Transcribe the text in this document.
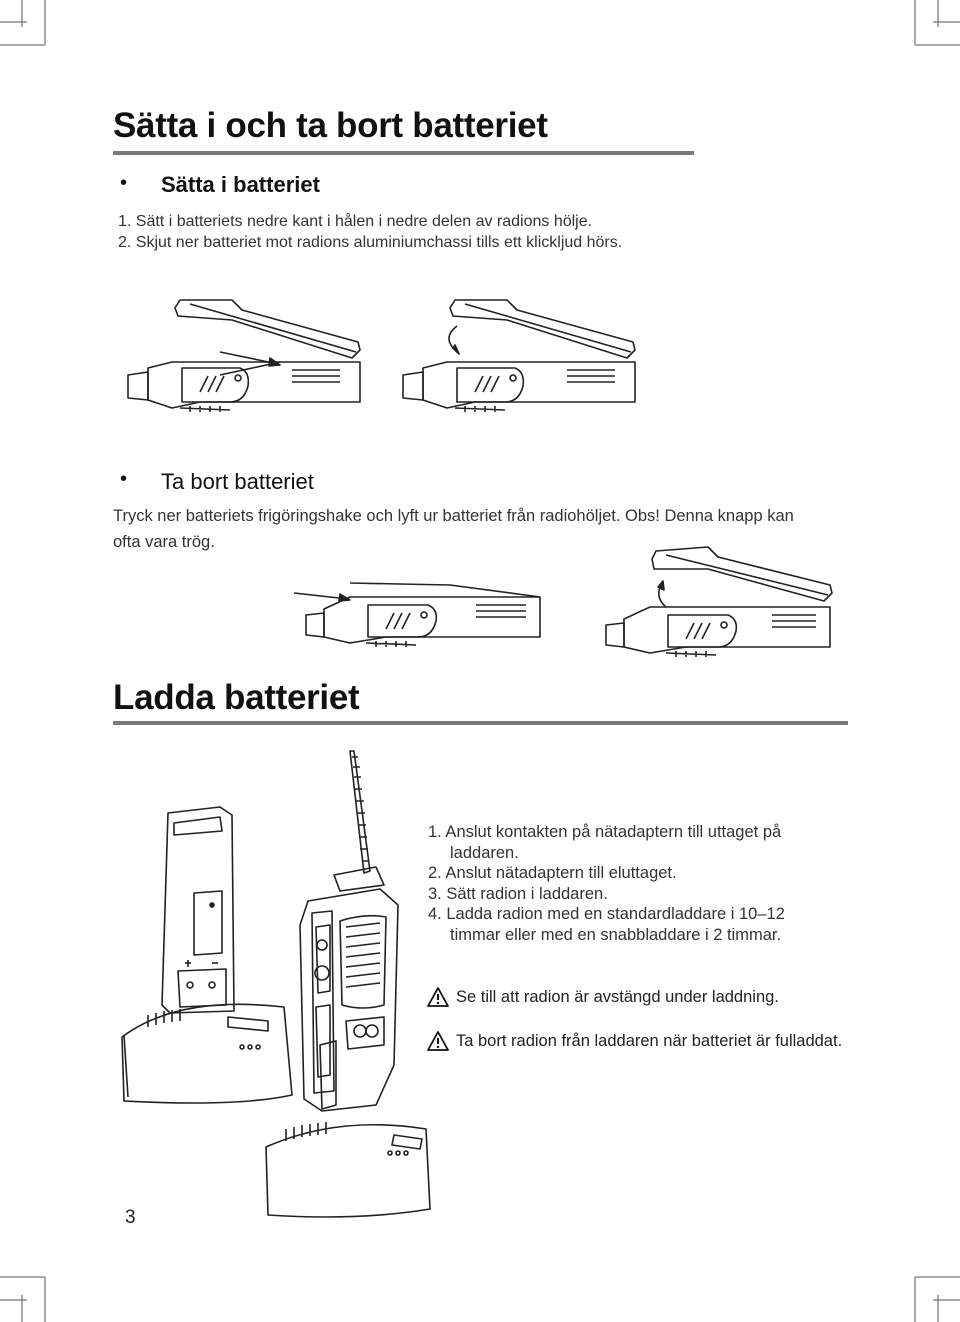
Sätta i och ta bort batteriet
• Sätta i batteriet
1. Sätt i batteriets nedre kant i hålen i nedre delen av radions hölje.
2. Skjut ner batteriet mot radions aluminiumchassi tills ett klickljud hörs.
• Ta bort batteriet
Tryck ner batteriets frigöringshake och lyft ur batteriet från radiohöljet. Obs! Denna knapp kan
ofta vara trög.
Ladda batteriet
1. Anslut kontakten på nätadaptern till uttaget på laddaren.
2. Anslut nätadaptern till eluttaget.
3. Sätt radion i laddaren.
4. Ladda radion med en standardladdare i 10–12 timmar eller med en snabbladdare i 2 timmar.
Se till att radion är avstängd under laddning.
Ta bort radion från laddaren när batteriet är fulladdat.
3
